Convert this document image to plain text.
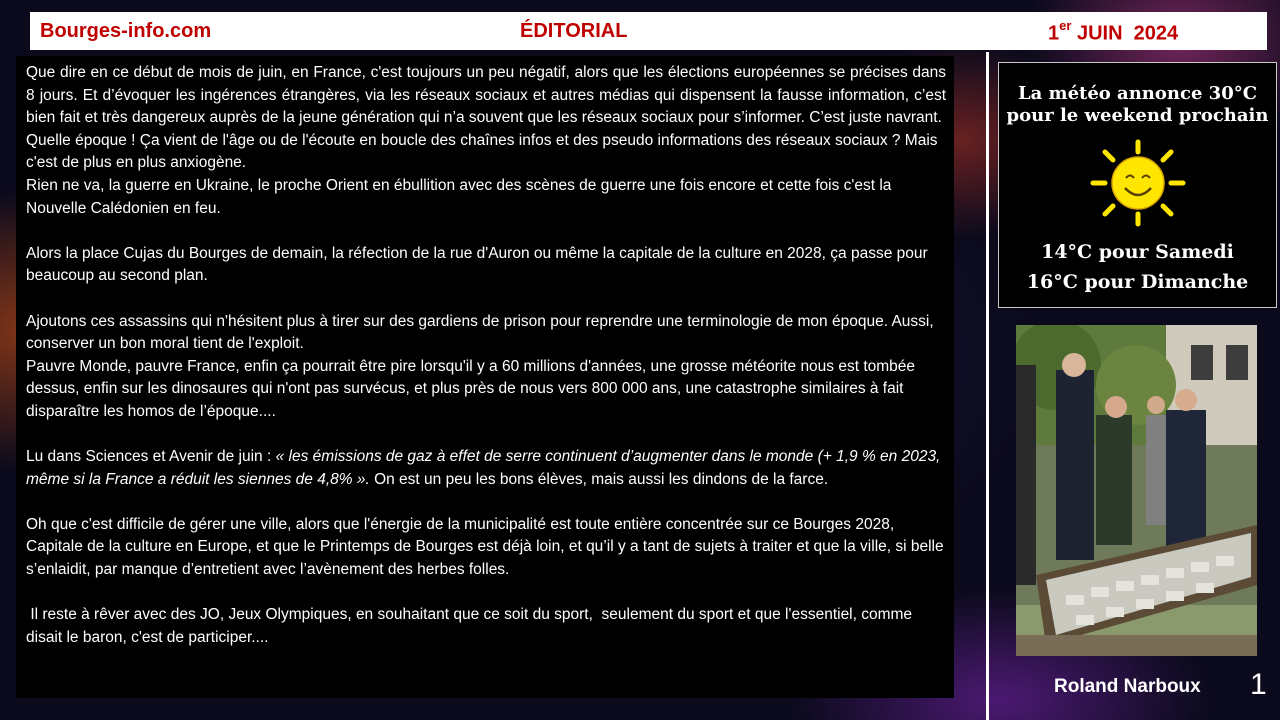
Bourges-info.com	ÉDITORIAL	1er JUIN  2024

Que dire en ce début de mois de juin, en France, c'est toujours un peu négatif, alors que les élections européennes se précises dans 8 jours. Et d’évoquer les ingérences étrangères, via les réseaux sociaux et autres médias qui dispensent la fausse information, c’est bien fait et très dangereux auprès de la jeune génération qui n’a souvent que les réseaux sociaux pour s’informer. C’est juste navrant.

Quelle époque ! Ça vient de l'âge ou de l'écoute en boucle des chaînes infos et des pseudo informations des réseaux sociaux ? Mais c'est de plus en plus anxiogène.

Rien ne va, la guerre en Ukraine, le proche Orient en ébullition avec des scènes de guerre une fois encore et cette fois c'est la Nouvelle Calédonien en feu.

Alors la place Cujas du Bourges de demain, la réfection de la rue d'Auron ou même la capitale de la culture en 2028, ça passe pour beaucoup au second plan.

Ajoutons ces assassins qui n'hésitent plus à tirer sur des gardiens de prison pour reprendre une terminologie de mon époque. Aussi, conserver un bon moral tient de l'exploit.

Pauvre Monde, pauvre France, enfin ça pourrait être pire lorsqu'il y a 60 millions d'années, une grosse météorite nous est tombée dessus, enfin sur les dinosaures qui n'ont pas survécus, et plus près de nous vers 800 000 ans, une catastrophe similaires à fait disparaître les homos de l’époque....

Lu dans Sciences et Avenir de juin : « les émissions de gaz à effet de serre continuent d’augmenter dans le monde (+ 1,9 % en 2023, même si la France a réduit les siennes de 4,8% ». On est un peu les bons élèves, mais aussi les dindons de la farce.

Oh que c'est difficile de gérer une ville, alors que l'énergie de la municipalité est toute entière concentrée sur ce Bourges 2028, Capitale de la culture en Europe, et que le Printemps de Bourges est déjà loin, et qu’il y a tant de sujets à traiter et que la ville, si belle s’enlaidit, par manque d’entretient avec l’avènement des herbes folles.

Il reste à rêver avec des JO, Jeux Olympiques, en souhaitant que ce soit du sport,  seulement du sport et que l'essentiel, comme disait le baron, c'est de participer....

La météo annonce 30°C
pour le weekend prochain
14°C pour Samedi
16°C pour Dimanche
Roland Narboux 1
